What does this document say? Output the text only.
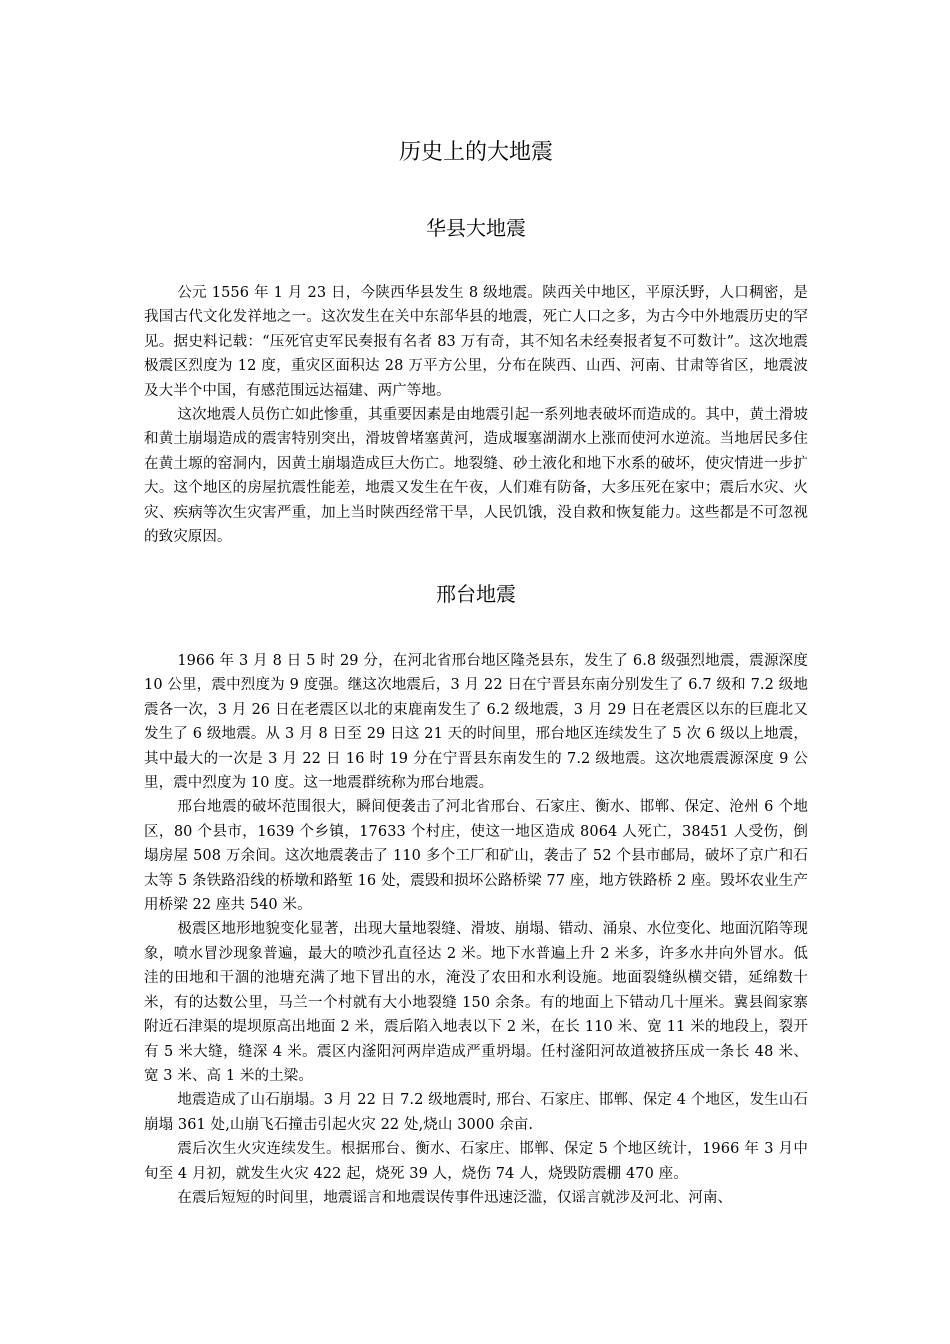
历史上的大地震
华县大地震

公元 1556 年 1 月 23 日，今陕西华县发生 8 级地震。陕西关中地区，平原沃野，人口稠密，是我国古代文化发祥地之一。这次发生在关中东部华县的地震，死亡人口之多，为古今中外地震历史的罕见。据史料记载：“压死官吏军民奏报有名者 83 万有奇，其不知名未经奏报者复不可数计”。这次地震极震区烈度为 12 度，重灾区面积达 28 万平方公里，分布在陕西、山西、河南、甘肃等省区，地震波及大半个中国，有感范围远达福建、两广等地。

这次地震人员伤亡如此惨重，其重要因素是由地震引起一系列地表破坏而造成的。其中，黄土滑坡和黄土崩塌造成的震害特别突出，滑坡曾堵塞黄河，造成堰塞湖湖水上涨而使河水逆流。当地居民多住在黄土塬的窑洞内，因黄土崩塌造成巨大伤亡。地裂缝、砂土液化和地下水系的破坏，使灾情进一步扩大。这个地区的房屋抗震性能差，地震又发生在午夜，人们难有防备，大多压死在家中；震后水灾、火灾、疾病等次生灾害严重，加上当时陕西经常干旱，人民饥饿，没自救和恢复能力。这些都是不可忽视的致灾原因。

邢台地震

1966 年 3 月 8 日 5 时 29 分，在河北省邢台地区隆尧县东，发生了 6.8 级强烈地震，震源深度 10 公里，震中烈度为 9 度强。继这次地震后，3 月 22 日在宁晋县东南分别发生了 6.7 级和 7.2 级地震各一次，3 月 26 日在老震区以北的束鹿南发生了 6.2 级地震，3 月 29 日在老震区以东的巨鹿北又发生了 6 级地震。从 3 月 8 日至 29 日这 21 天的时间里，邢台地区连续发生了 5 次 6 级以上地震，其中最大的一次是 3 月 22 日 16 时 19 分在宁晋县东南发生的 7.2 级地震。这次地震震源深度 9 公里，震中烈度为 10 度。这一地震群统称为邢台地震。

邢台地震的破坏范围很大，瞬间便袭击了河北省邢台、石家庄、衡水、邯郸、保定、沧州 6 个地区，80 个县市，1639 个乡镇，17633 个村庄，使这一地区造成 8064 人死亡，38451 人受伤，倒塌房屋 508 万余间。这次地震袭击了 110 多个工厂和矿山，袭击了 52 个县市邮局，破坏了京广和石太等 5 条铁路沿线的桥墩和路堑 16 处，震毁和损坏公路桥梁 77 座，地方铁路桥 2 座。毁坏农业生产用桥梁 22 座共 540 米。

极震区地形地貌变化显著，出现大量地裂缝、滑坡、崩塌、错动、涌泉、水位变化、地面沉陷等现象，喷水冒沙现象普遍，最大的喷沙孔直径达 2 米。地下水普遍上升 2 米多，许多水井向外冒水。低洼的田地和干涸的池塘充满了地下冒出的水，淹没了农田和水利设施。地面裂缝纵横交错，延绵数十米，有的达数公里，马兰一个村就有大小地裂缝 150 余条。有的地面上下错动几十厘米。冀县阎家寨附近石津渠的堤坝原高出地面 2 米，震后陷入地表以下 2 米，在长 110 米、宽 11 米的地段上，裂开有 5 米大缝，缝深 4 米。震区内滏阳河两岸造成严重坍塌。任村滏阳河故道被挤压成一条长 48 米、宽 3 米、高 1 米的土梁。

地震造成了山石崩塌。3 月 22 日 7.2 级地震时, 邢台、石家庄、邯郸、保定 4 个地区，发生山石崩塌 361 处,山崩飞石撞击引起火灾 22 处,烧山 3000 余亩.

震后次生火灾连续发生。根据邢台、衡水、石家庄、邯郸、保定 5 个地区统计，1966 年 3 月中旬至 4 月初，就发生火灾 422 起，烧死 39 人，烧伤 74 人，烧毁防震棚 470 座。

在震后短短的时间里，地震谣言和地震误传事件迅速泛滥，仅谣言就涉及河北、河南、
